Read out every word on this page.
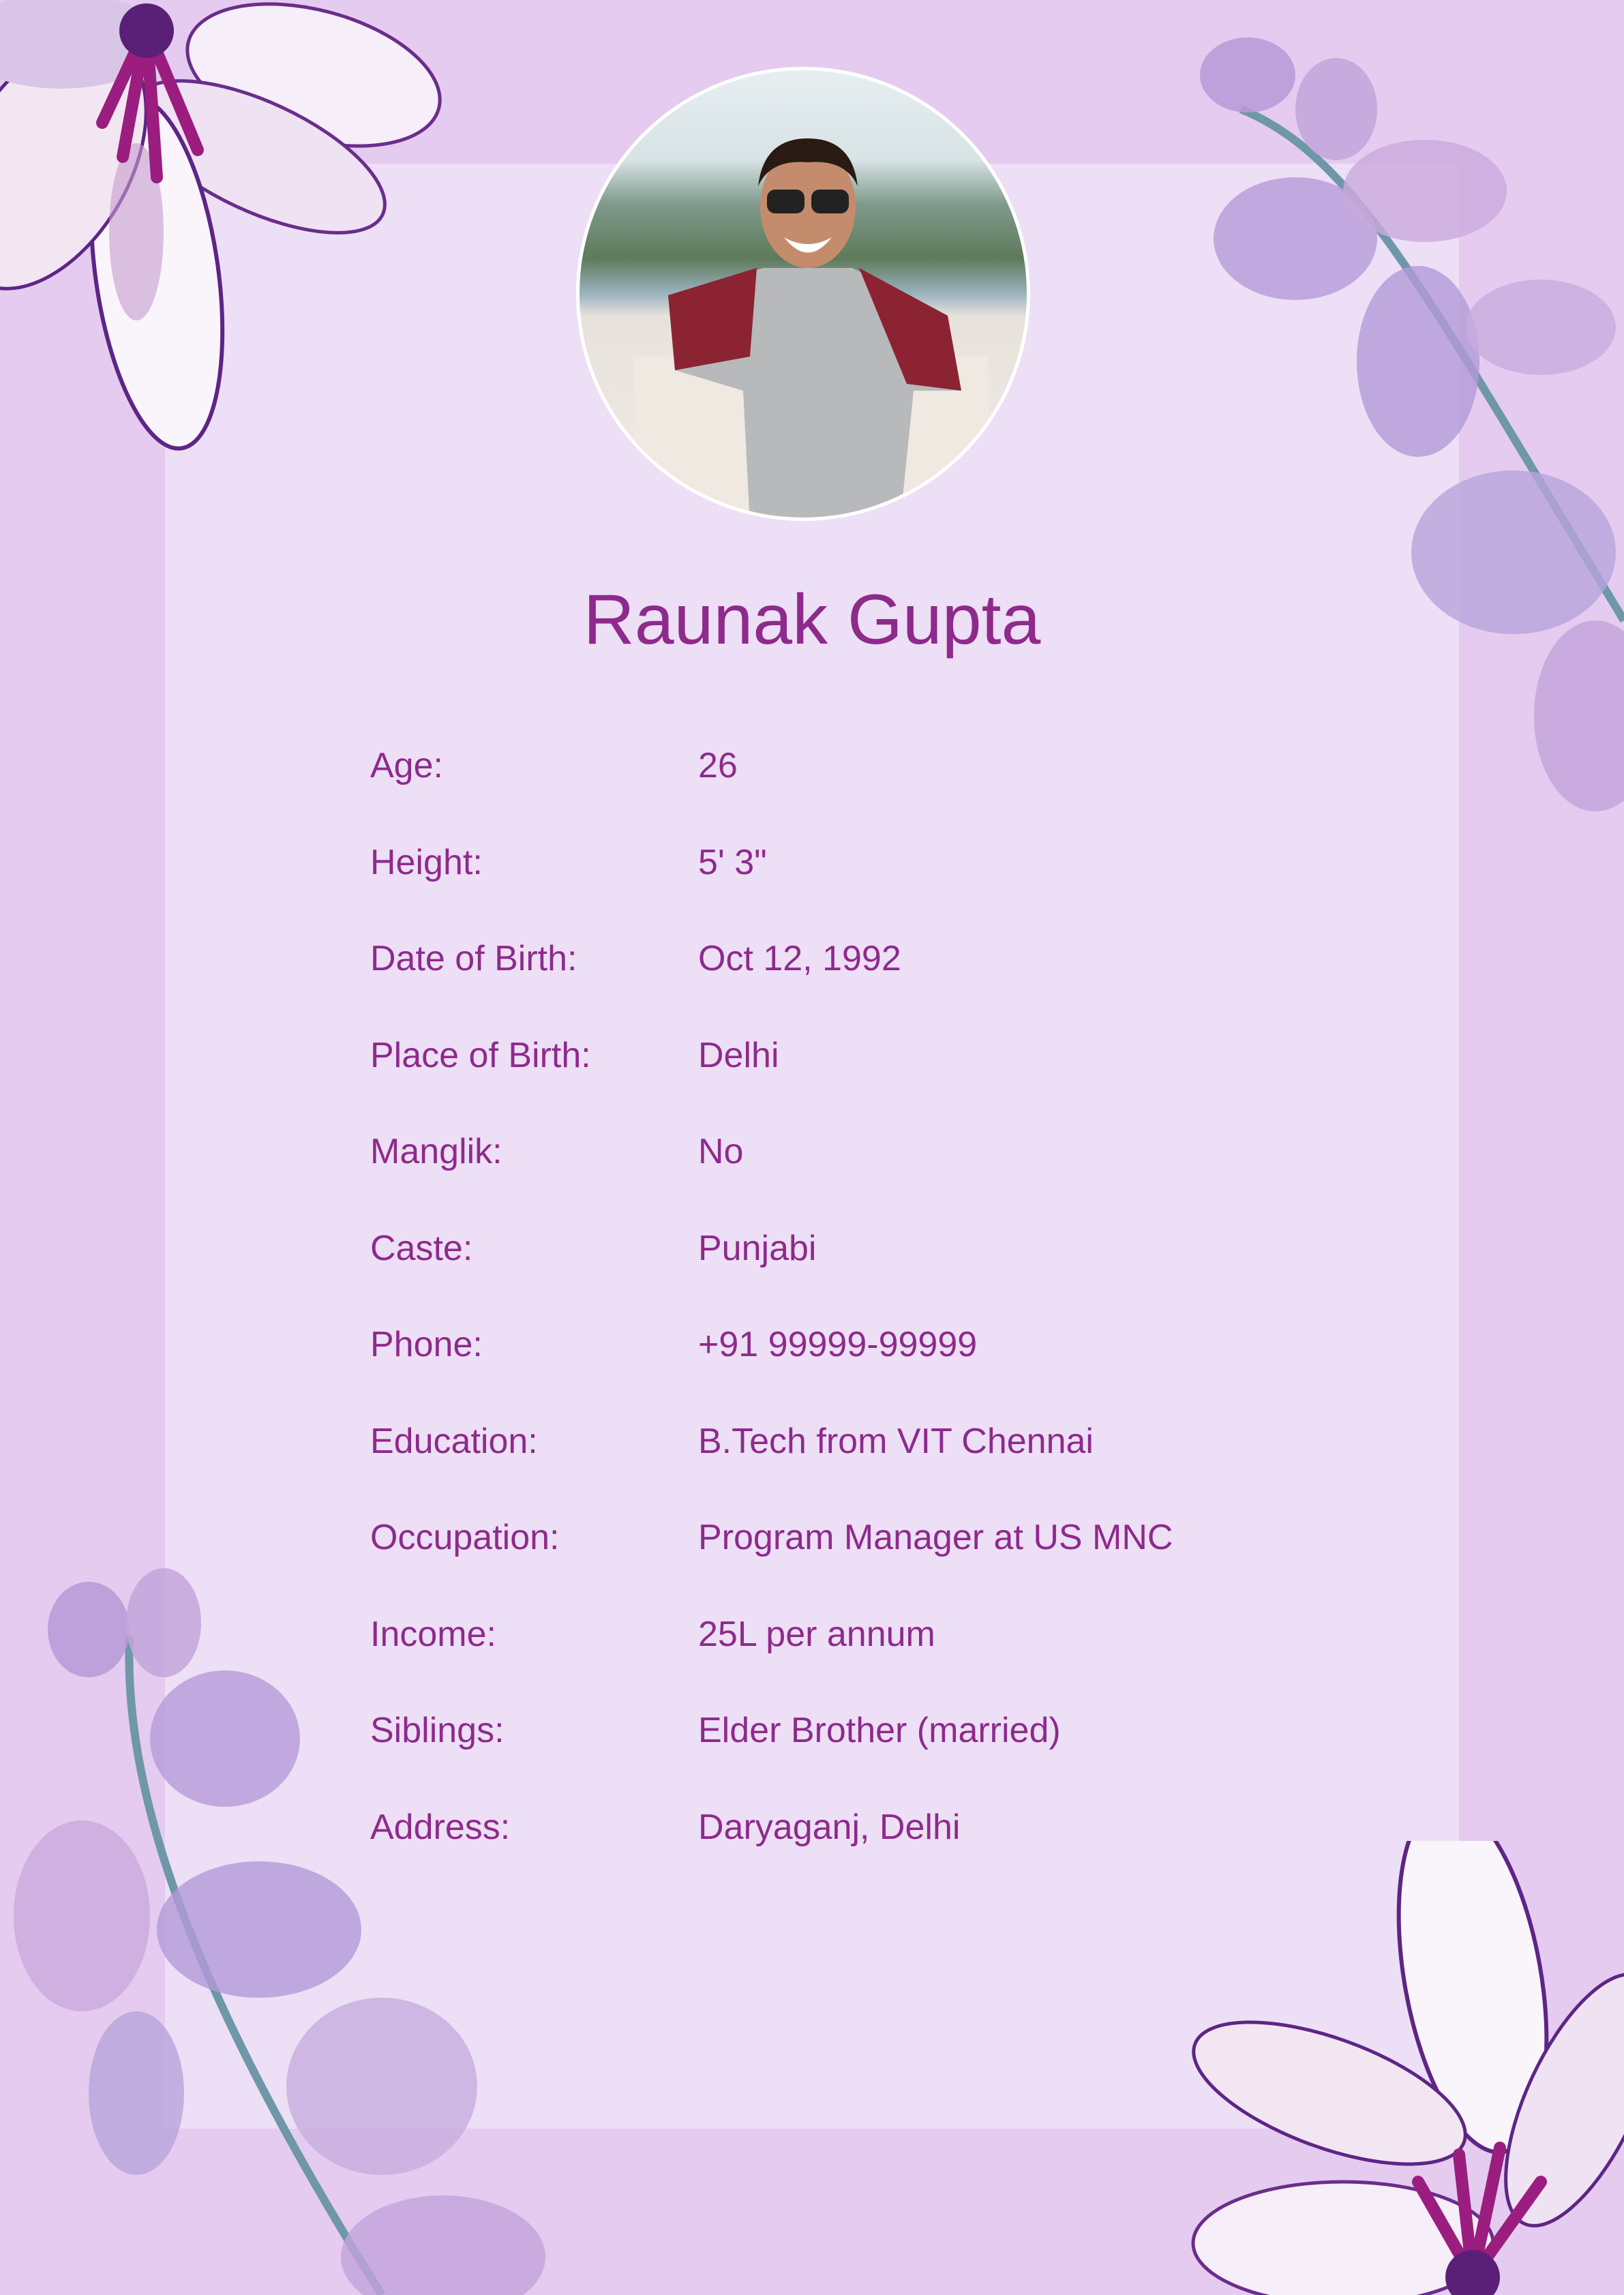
Raunak Gupta
Age:	26
Height:	5' 3"
Date of Birth:	Oct 12, 1992
Place of Birth:	Delhi
Manglik:	No
Caste:	Punjabi
Phone:	+91 99999-99999
Education:	B.Tech from VIT Chennai
Occupation:	Program Manager at US MNC
Income:	25L per annum
Siblings:	Elder Brother (married)
Address:	Daryaganj, Delhi
